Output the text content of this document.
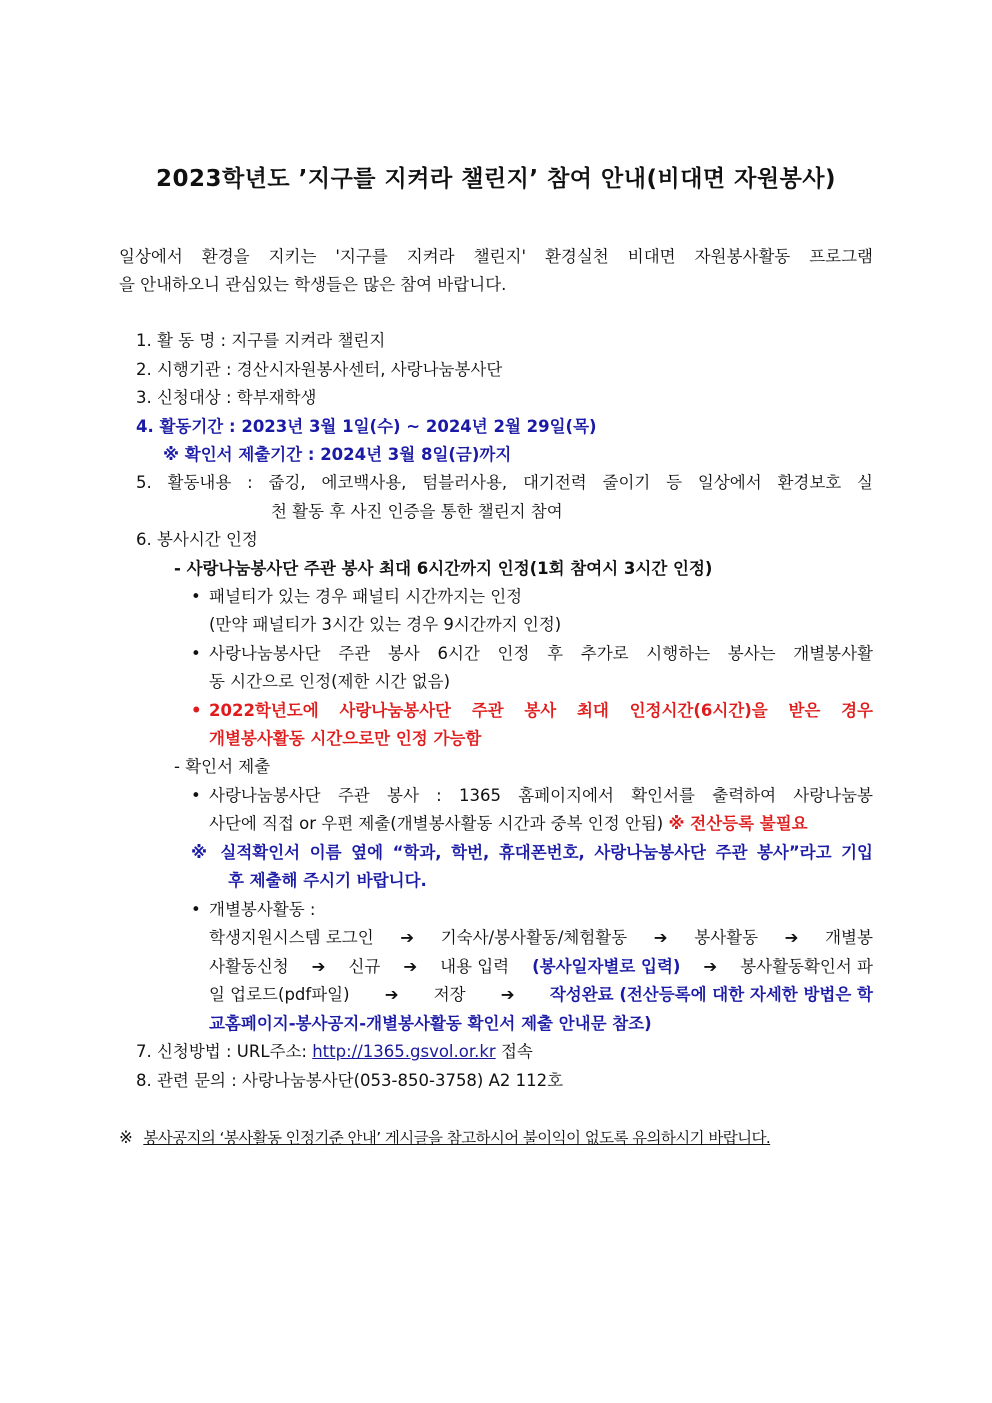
2023학년도 ’지구를 지켜라 챌린지’ 참여 안내(비대면 자원봉사)
일상에서 환경을 지키는 '지구를 지켜라 챌린지' 환경실천 비대면 자원봉사활동 프로그램
을 안내하오니 관심있는 학생들은 많은 참여 바랍니다.
1. 활 동 명 : 지구를 지켜라 챌린지
2. 시행기관 : 경산시자원봉사센터, 사랑나눔봉사단
3. 신청대상 : 학부재학생
4. 활동기간 : 2023년 3월 1일(수) ~ 2024년 2월 29일(목)
※ 확인서 제출기간 : 2024년 3월 8일(금)까지
5. 활동내용 : 줍깅, 에코백사용, 텀블러사용, 대기전력 줄이기 등 일상에서 환경보호 실
천 활동 후 사진 인증을 통한 챌린지 참여
6. 봉사시간 인정
- 사랑나눔봉사단 주관 봉사 최대 6시간까지 인정(1회 참여시 3시간 인정)
• 패널티가 있는 경우 패널티 시간까지는 인정
(만약 패널티가 3시간 있는 경우 9시간까지 인정)
• 사랑나눔봉사단 주관 봉사 6시간 인정 후 추가로 시행하는 봉사는 개별봉사활
동 시간으로 인정(제한 시간 없음)
• 2022학년도에 사랑나눔봉사단 주관 봉사 최대 인정시간(6시간)을 받은 경우
개별봉사활동 시간으로만 인정 가능함
- 확인서 제출
• 사랑나눔봉사단 주관 봉사 : 1365 홈페이지에서 확인서를 출력하여 사랑나눔봉
사단에 직접 or 우편 제출(개별봉사활동 시간과 중복 인정 안됨) ※ 전산등록 불필요
※ 실적확인서 이름 옆에 “학과, 학번, 휴대폰번호, 사랑나눔봉사단 주관 봉사”라고 기입
후 제출해 주시기 바랍니다.
• 개별봉사활동 :
학생지원시스템 로그인 ➔ 기숙사/봉사활동/체험활동 ➔ 봉사활동 ➔ 개별봉
사활동신청 ➔ 신규 ➔ 내용 입력 (봉사일자별로 입력) ➔ 봉사활동확인서 파
일 업로드(pdf파일) ➔ 저장 ➔ 작성완료 (전산등록에 대한 자세한 방법은 학
교홈페이지-봉사공지-개별봉사활동 확인서 제출 안내문 참조)
7. 신청방법 : URL주소: http://1365.gsvol.or.kr 접속
8. 관련 문의 : 사랑나눔봉사단(053-850-3758) A2 112호
※ 봉사공지의 ‘봉사활동 인정기준 안내’ 게시글을 참고하시어 불이익이 없도록 유의하시기 바랍니다.
